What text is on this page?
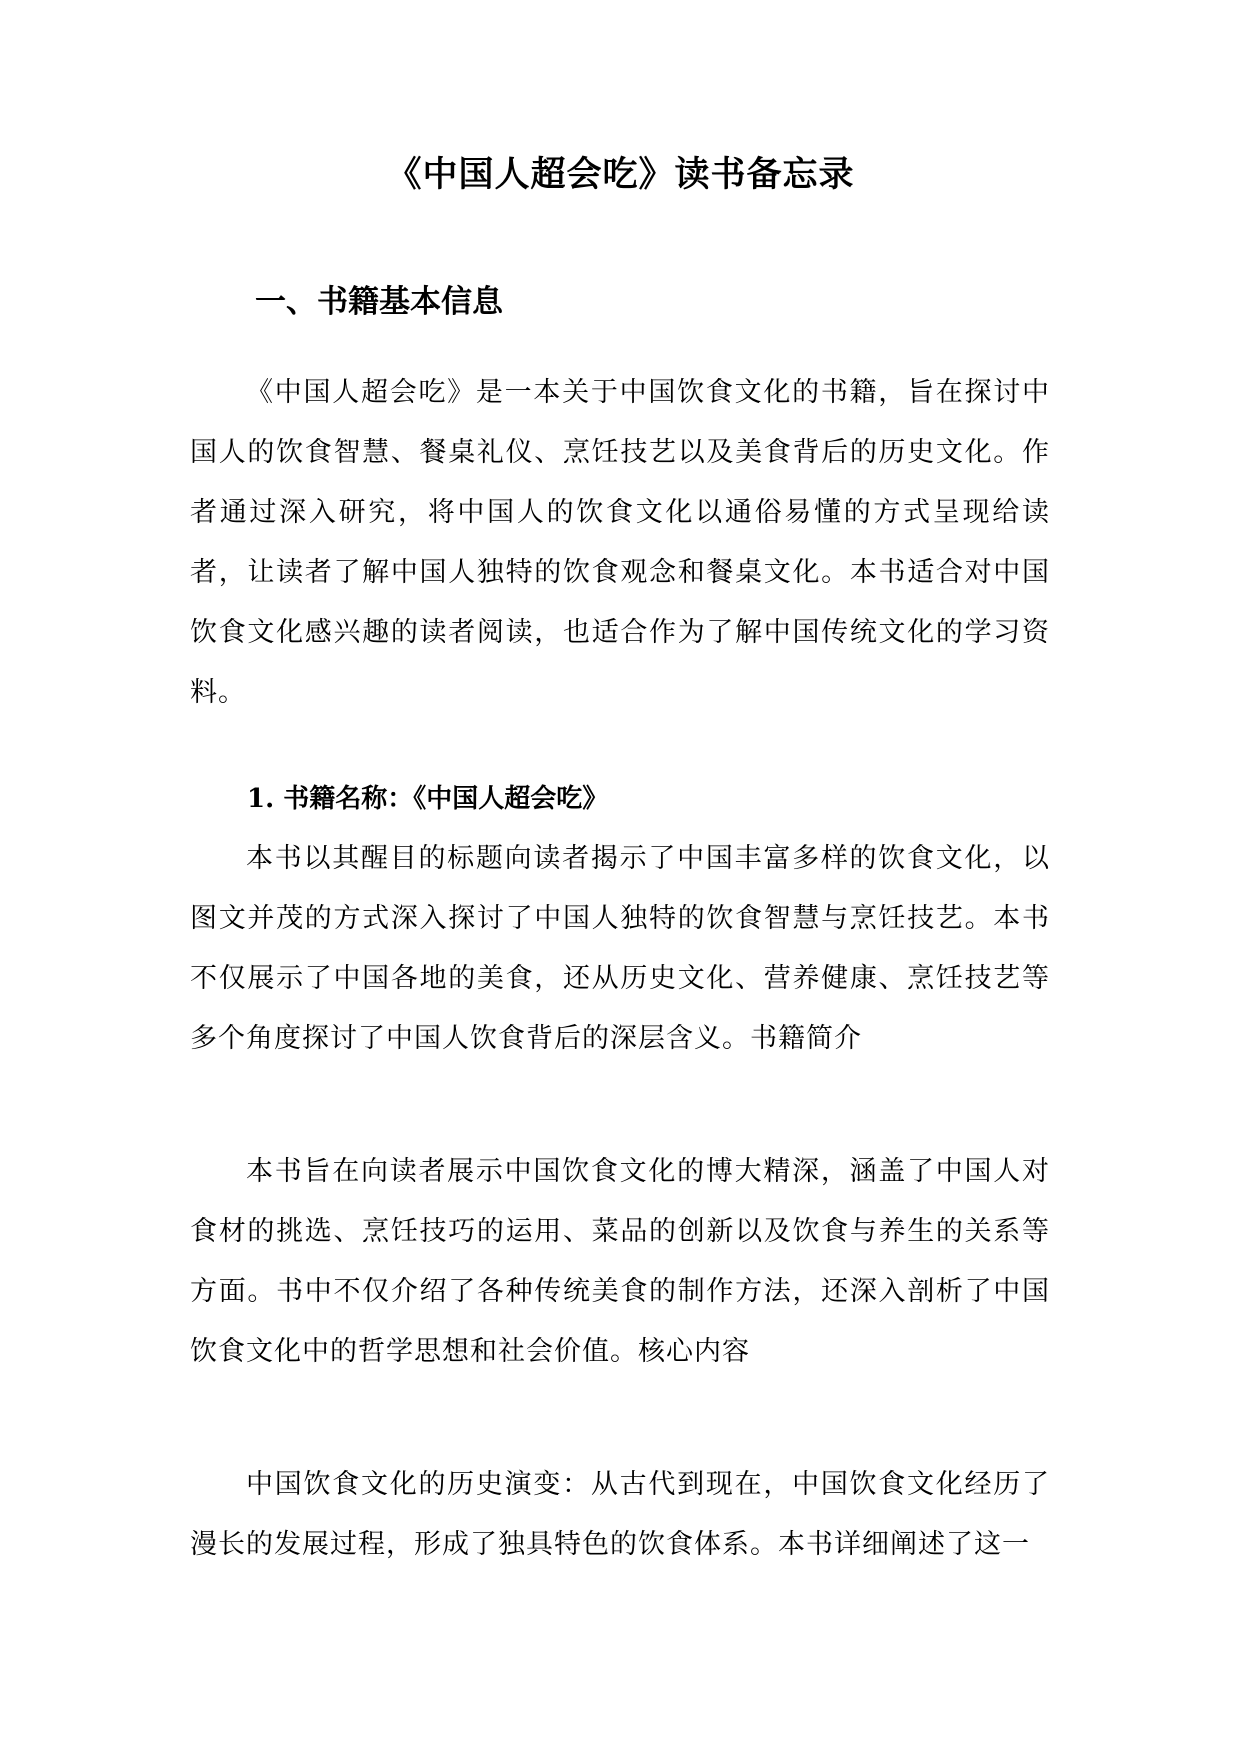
《中国人超会吃》读书备忘录
一、书籍基本信息

《中国人超会吃》是一本关于中国饮食文化的书籍，旨在探讨中国人的饮食智慧、餐桌礼仪、烹饪技艺以及美食背后的历史文化。作者通过深入研究，将中国人的饮食文化以通俗易懂的方式呈现给读者，让读者了解中国人独特的饮食观念和餐桌文化。本书适合对中国饮食文化感兴趣的读者阅读，也适合作为了解中国传统文化的学习资料。

1. 书籍名称：《中国人超会吃》

本书以其醒目的标题向读者揭示了中国丰富多样的饮食文化，以图文并茂的方式深入探讨了中国人独特的饮食智慧与烹饪技艺。本书不仅展示了中国各地的美食，还从历史文化、营养健康、烹饪技艺等多个角度探讨了中国人饮食背后的深层含义。书籍简介

本书旨在向读者展示中国饮食文化的博大精深，涵盖了中国人对食材的挑选、烹饪技巧的运用、菜品的创新以及饮食与养生的关系等方面。书中不仅介绍了各种传统美食的制作方法，还深入剖析了中国饮食文化中的哲学思想和社会价值。核心内容

中国饮食文化的历史演变：从古代到现在，中国饮食文化经历了漫长的发展过程，形成了独具特色的饮食体系。本书详细阐述了这一
